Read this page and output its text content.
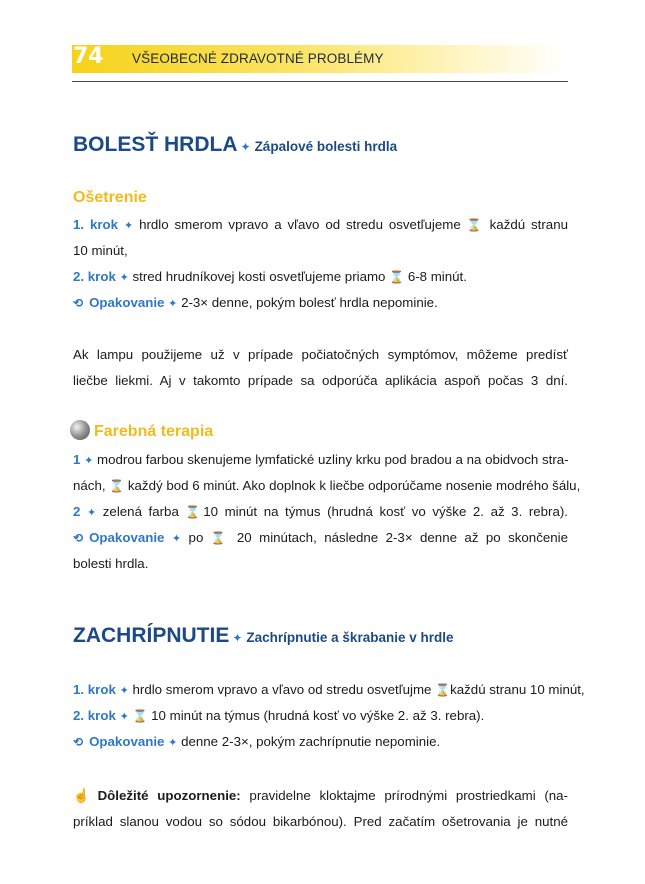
74 VŠEOBECNÉ ZDRAVOTNÉ PROBLÉMY
BOLESŤ HRDLA ✦ Zápalové bolesti hrdla
Ošetrenie
1. krok ✦ hrdlo smerom vpravo a vľavo od stredu osvetľujeme ⌛ každú stranu
10 minút,
2. krok ✦ stred hrudníkovej kosti osvetľujeme priamo ⌛ 6-8 minút.
⟲ Opakovanie ✦ 2-3× denne, pokým bolesť hrdla nepominie.
Ak lampu použijeme už v prípade počiatočných symptómov, môžeme predísť
liečbe liekmi. Aj v takomto prípade sa odporúča aplikácia aspoň počas 3 dní.
Farebná terapia
1 ✦ modrou farbou skenujeme lymfatické uzliny krku pod bradou a na obidvoch stra-
nách, ⌛ každý bod 6 minút. Ako doplnok k liečbe odporúčame nosenie modrého šálu,
2 ✦ zelená farba ⌛10 minút na týmus (hrudná kosť vo výške 2. až 3. rebra).
⟲ Opakovanie ✦ po ⌛ 20 minútach, následne 2-3× denne až po skončenie
bolesti hrdla.
ZACHRÍPNUTIE ✦ Zachrípnutie a škrabanie v hrdle
1. krok ✦ hrdlo smerom vpravo a vľavo od stredu osvetľujme ⌛každú stranu 10 minút,
2. krok ✦ ⌛ 10 minút na týmus (hrudná kosť vo výške 2. až 3. rebra).
⟲ Opakovanie ✦ denne 2-3×, pokým zachrípnutie nepominie.
☝ Dôležité upozornenie: pravidelne kloktajme prírodnými prostriedkami (na-
príklad slanou vodou so sódou bikarbónou). Pred začatím ošetrovania je nutné
